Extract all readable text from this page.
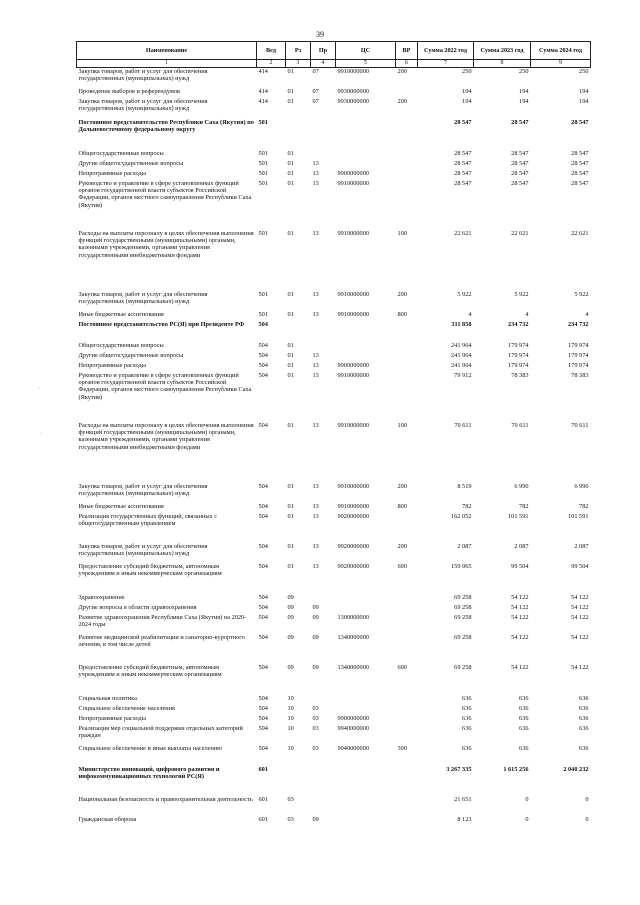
39
·
·
Наименование	Вед	Рз	Пр	ЦС	ВР	Сумма 2022 год	Сумма 2023 год	Сумма 2024 год
1	2	3	4	5	6	7	8	9
Закупка товаров, работ и услуг для обеспечения государственных (муниципальных) нужд	414	01	07	9910000000	200	250	250	250
Проведение выборов и референдумов	414	01	07	9930000000		194	194	194
Закупка товаров, работ и услуг для обеспечения государственных (муниципальных) нужд	414	01	07	9930000000	200	194	194	194
Постоянное представительство Республики Саха (Якутия) по Дальневосточному федеральному округу	501					28 547	28 547	28 547
Общегосударственные вопросы	501	01				28 547	28 547	28 547
Другие общегосударственные вопросы	501	01	13			28 547	28 547	28 547
Непрограммные расходы	501	01	13	9900000000		28 547	28 547	28 547
Руководство и управление в сфере установленных функций органов государственной власти субъектов Российской Федерации, органов местного самоуправления Республики Саха (Якутия)	501	01	13	9910000000		28 547	28 547	28 547
Расходы на выплаты персоналу в целях обеспечения выполнения функций государственными (муниципальными) органами, казенными учреждениями, органами управления государственными внебюджетными фондами	501	01	13	9910000000	100	22 621	22 621	22 621
Закупка товаров, работ и услуг для обеспечения государственных (муниципальных) нужд	501	01	13	9910000000	200	5 922	5 922	5 922
Иные бюджетные ассигнования	501	01	13	9910000000	800	4	4	4
Постоянное представительство РС(Я) при Президенте РФ	504					311 858	234 732	234 732
Общегосударственные вопросы	504	01				241 964	179 974	179 974
Другие общегосударственные вопросы	504	01	13			241 964	179 974	179 974
Непрограммные расходы	504	01	13	9900000000		241 964	179 974	179 974
Руководство и управление в сфере установленных функций органов государственной власти субъектов Российской Федерации, органов местного самоуправления Республики Саха (Якутия)	504	01	13	9910000000		79 912	78 383	78 383
Расходы на выплаты персоналу в целях обеспечения выполнения функций государственными (муниципальными) органами, казенными учреждениями, органами управления государственными внебюджетными фондами	504	01	13	9910000000	100	70 611	70 611	70 611
Закупка товаров, работ и услуг для обеспечения государственных (муниципальных) нужд	504	01	13	9910000000	200	8 519	6 990	6 990
Иные бюджетные ассигнования	504	01	13	9910000000	800	782	782	782
Реализация государственных функций, связанных с общегосударственным управлением	504	01	13	9920000000		162 052	101 591	101 591
Закупка товаров, работ и услуг для обеспечения государственных (муниципальных) нужд	504	01	13	9920000000	200	2 087	2 087	2 087
Предоставление субсидий бюджетным, автономным учреждениям и иным некоммерческим организациям	504	01	13	9920000000	600	159 965	99 504	99 504
Здравоохранение	504	09				69 258	54 122	54 122
Другие вопросы в области здравоохранения	504	09	09			69 258	54 122	54 122
Развитие здравоохранения Республики Саха (Якутия) на 2020-2024 годы	504	09	09	1300000000		69 258	54 122	54 122
Развитие медицинской реабилитации и санаторно-курортного лечения, в том числе детей	504	09	09	1340000000		69 258	54 122	54 122
Предоставление субсидий бюджетным, автономным учреждениям и иным некоммерческим организациям	504	09	09	1340000000	600	69 258	54 122	54 122
Социальная политика	504	10				636	636	636
Социальное обеспечение населения	504	10	03			636	636	636
Непрограммные расходы	504	10	03	9900000000		636	636	636
Реализация мер социальной поддержки отдельных категорий граждан	504	10	03	9940000000		636	636	636
Социальное обеспечение и иные выплаты населению	504	10	03	9940000000	300	636	636	636
Министерство инноваций, цифрового развития и инфокоммуникационных технологий РС(Я)	601					3 267 335	1 615 256	2 040 232
Национальная безопасность и правоохранительная деятельность	601	03				21 651	0	0
Гражданская оборона	601	03	09			8 123	0	0
